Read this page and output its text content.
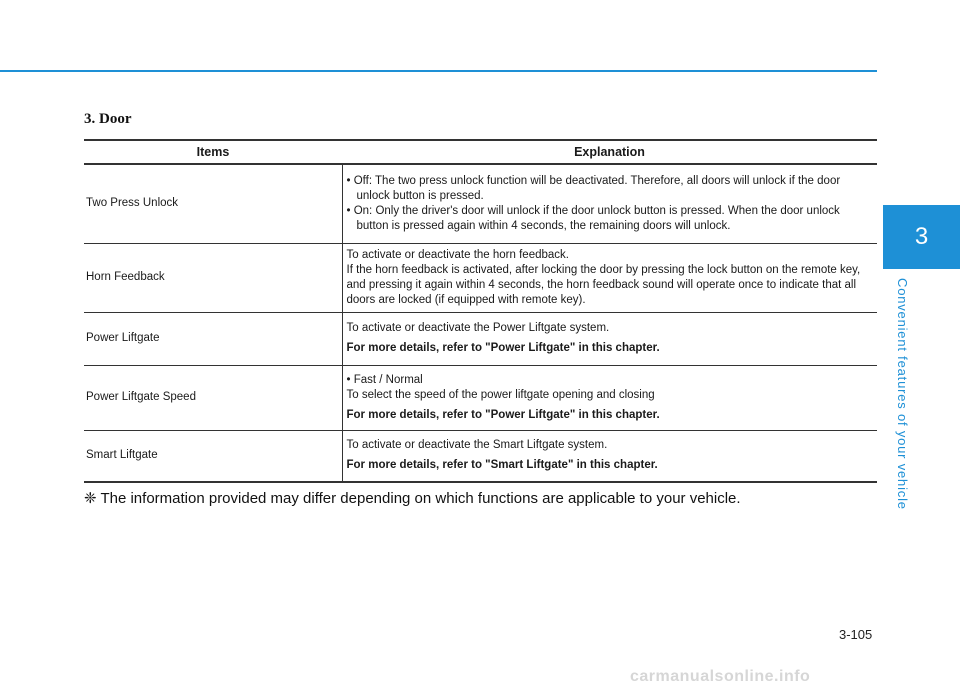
3. Door
Items	Explanation
Two Press Unlock	• Off: The two press unlock function will be deactivated. Therefore, all doors will unlock if the door unlock button is pressed.
• On: Only the driver's door will unlock if the door unlock button is pressed. When the door unlock button is pressed again within 4 seconds, the remaining doors will unlock.

Horn Feedback	To activate or deactivate the horn feedback.
If the horn feedback is activated, after locking the door by pressing the lock button on the remote key, and pressing it again within 4 seconds, the horn feedback sound will operate once to indicate that all doors are locked (if equipped with remote key).

Power Liftgate	To activate or deactivate the Power Liftgate system.
For more details, refer to "Power Liftgate" in this chapter.

Power Liftgate Speed	• Fast / Normal
To select the speed of the power liftgate opening and closing
For more details, refer to "Power Liftgate" in this chapter.

Smart Liftgate	To activate or deactivate the Smart Liftgate system.
For more details, refer to "Smart Liftgate" in this chapter.

❈ The information provided may differ depending on which functions are applicable to your vehicle.

3
Convenient features of your vehicle
3-105
carmanualsonline.info
